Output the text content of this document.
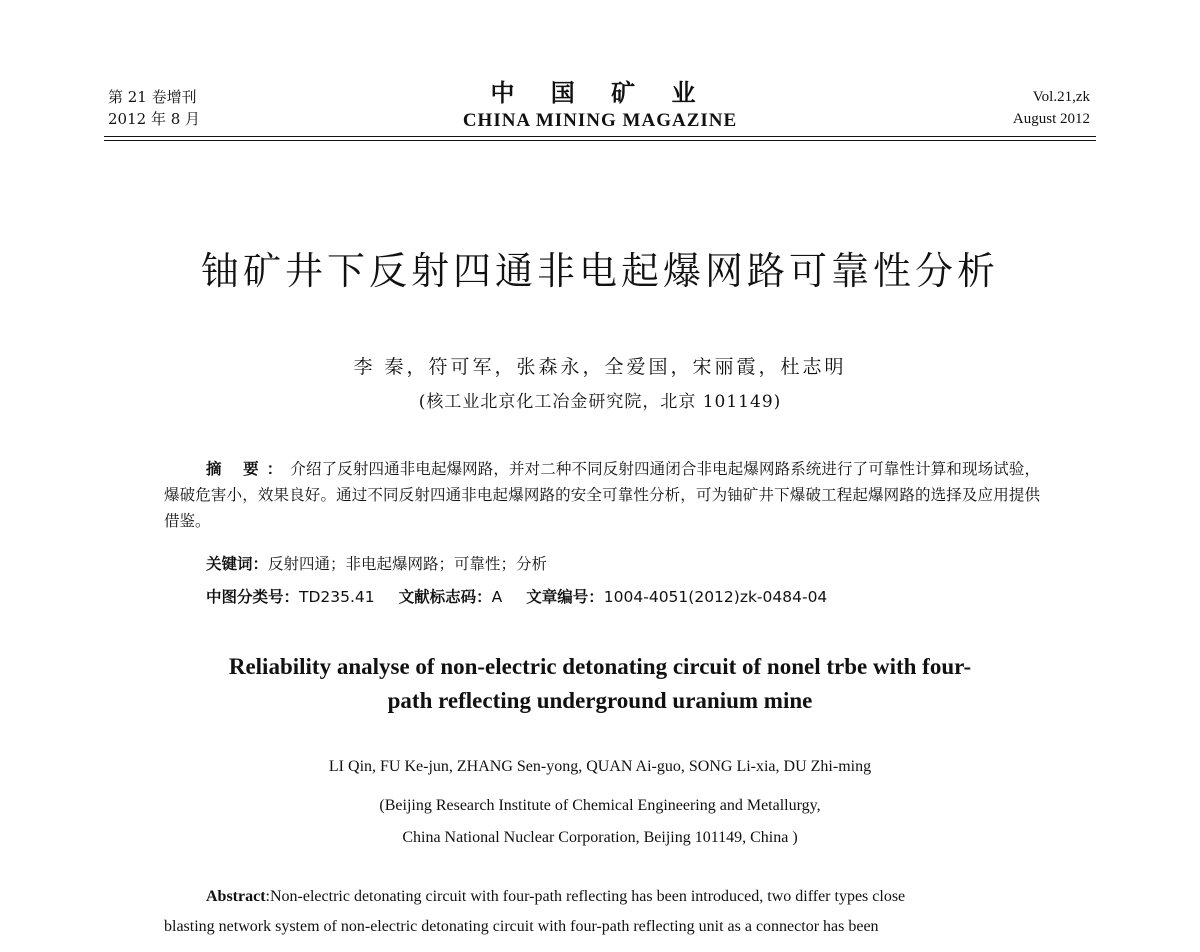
第 21 卷增刊
2012 年 8 月
中 国 矿 业
CHINA MINING MAGAZINE
Vol.21,zk
August 2012
铀矿井下反射四通非电起爆网路可靠性分析
李 秦，符可军，张森永，全爱国，宋丽霞，杜志明
(核工业北京化工冶金研究院，北京 101149)
摘 要：介绍了反射四通非电起爆网路，并对二种不同反射四通闭合非电起爆网路系统进行了可靠性计算和现场试验，爆破危害小，效果良好。通过不同反射四通非电起爆网路的安全可靠性分析，可为铀矿井下爆破工程起爆网路的选择及应用提供借鉴。
关键词：反射四通；非电起爆网路；可靠性；分析
中图分类号：TD235.41 文献标志码：A 文章编号：1004-4051(2012)zk-0484-04
Reliability analyse of non-electric detonating circuit of nonel trbe with four-
path reflecting underground uranium mine
LI Qin, FU Ke-jun, ZHANG Sen-yong, QUAN Ai-guo, SONG Li-xia, DU Zhi-ming
(Beijing Research Institute of Chemical Engineering and Metallurgy,
China National Nuclear Corporation, Beijing 101149, China )
Abstract:Non-electric detonating circuit with four-path reflecting has been introduced, two differ types close
blasting network system of non-electric detonating circuit with four-path reflecting unit as a connector has been
